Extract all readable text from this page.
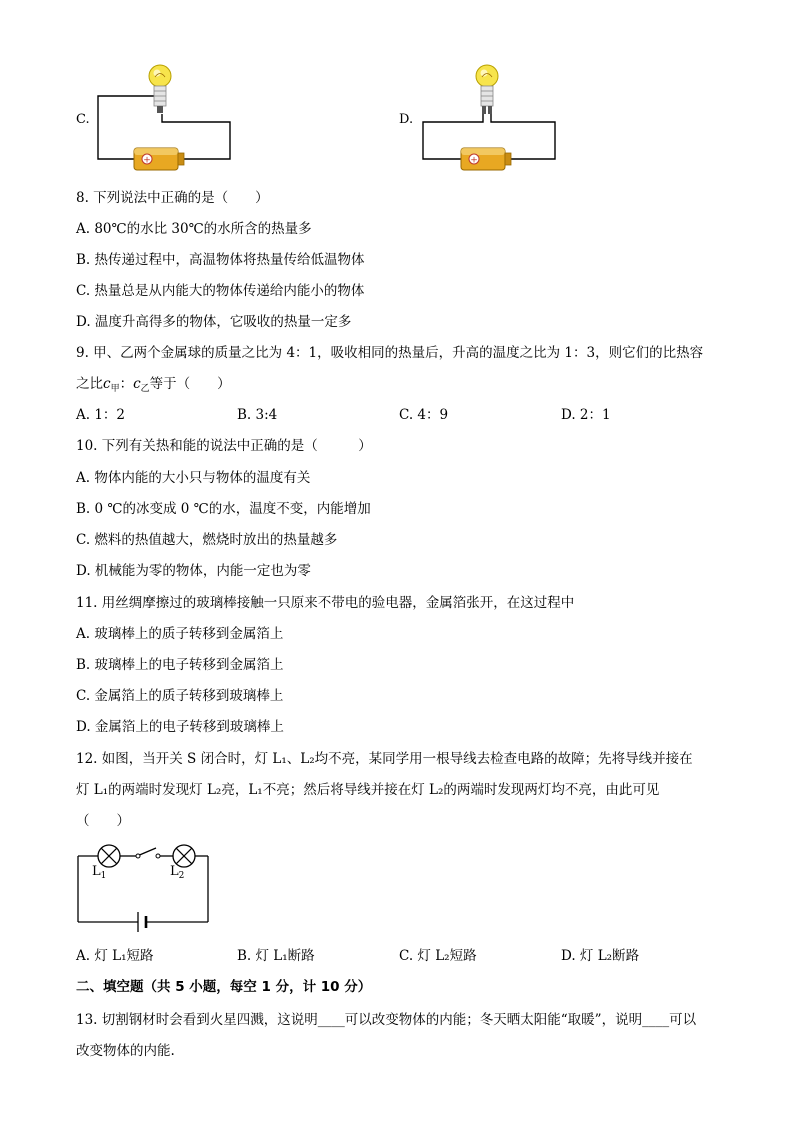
C.
+
D.
+
8. 下列说法中正确的是（　　）
A. 80℃的水比 30℃的水所含的热量多
B. 热传递过程中，高温物体将热量传给低温物体
C. 热量总是从内能大的物体传递给内能小的物体
D. 温度升高得多的物体，它吸收的热量一定多
9. 甲、乙两个金属球的质量之比为 4：1，吸收相同的热量后，升高的温度之比为 1：3，则它们的比热容
之比$c_甲$：$c_乙$等于（　　）
A. 1：2	B. 3:4	C. 4：9	D. 2：1
10. 下列有关热和能的说法中正确的是（　　　）
A. 物体内能的大小只与物体的温度有关
B. 0 ℃的冰变成 0 ℃的水，温度不变，内能增加
C. 燃料的热值越大，燃烧时放出的热量越多
D. 机械能为零的物体，内能一定也为零
11. 用丝绸摩擦过的玻璃棒接触一只原来不带电的验电器，金属箔张开，在这过程中
A. 玻璃棒上的质子转移到金属箔上
B. 玻璃棒上的电子转移到金属箔上
C. 金属箔上的质子转移到玻璃棒上
D. 金属箔上的电子转移到玻璃棒上
12. 如图，当开关 S 闭合时，灯 L₁、L₂均不亮，某同学用一根导线去检查电路的故障；先将导线并接在
灯 L₁的两端时发现灯 L₂亮，L₁不亮；然后将导线并接在灯 L₂的两端时发现两灯均不亮，由此可见
（　　）
$L_1$	$L_2$
A. 灯 L₁短路	B. 灯 L₁断路	C. 灯 L₂短路	D. 灯 L₂断路
二、填空题（共 5 小题，每空 1 分，计 10 分）
13. 切割钢材时会看到火星四溅，这说明____可以改变物体的内能；冬天晒太阳能“取暖”，说明____可以
改变物体的内能.
